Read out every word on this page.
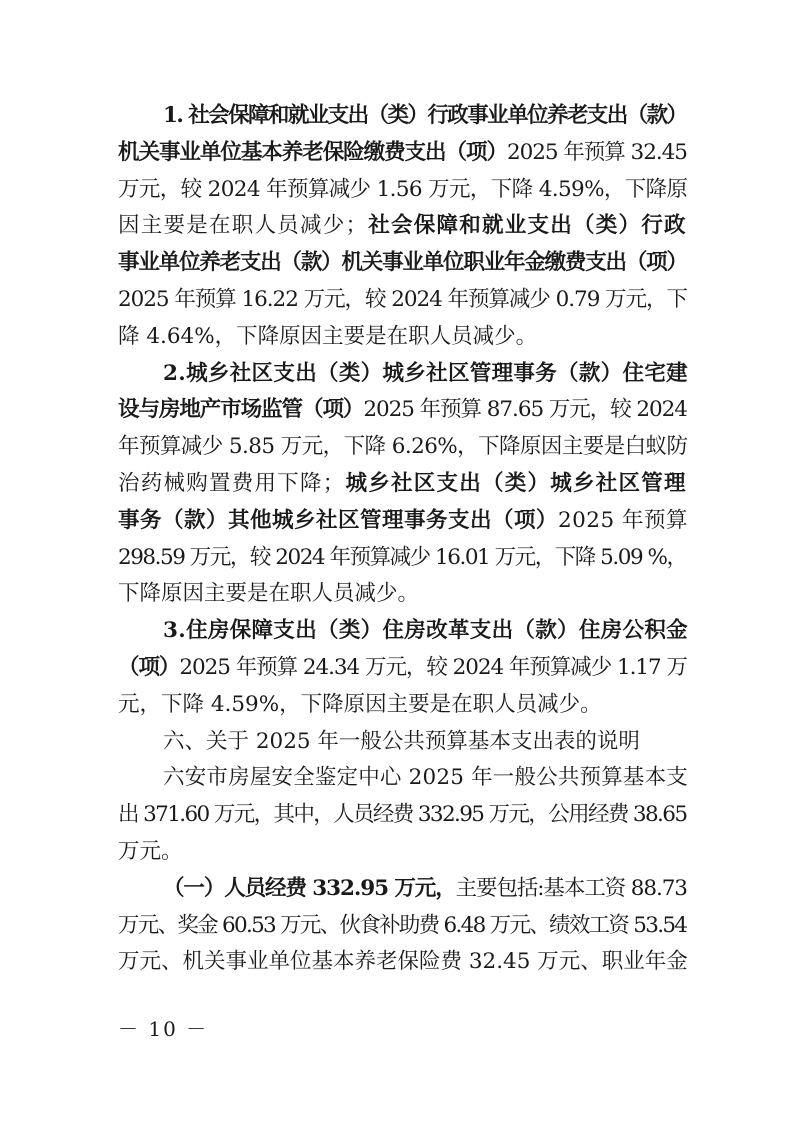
1. 社会保障和就业支出（类）行政事业单位养老支出（款）
机关事业单位基本养老保险缴费支出（项） 2025 年预算 32.45
万元，较 2024 年预算减少 1.56 万元，下降 4.59%，下降原
因主要是在职人员减少； 社会保障和就业支出（类）行政
事业单位养老支出（款）机关事业单位职业年金缴费支出（项）
2025 年预算 16.22 万元，较 2024 年预算减少 0.79 万元，下
降 4.64%，下降原因主要是在职人员减少。
2.城乡社区支出（类）城乡社区管理事务（款）住宅建
设与房地产市场监管（项） 2025 年预算 87.65 万元，较 2024
年预算减少 5.85 万元，下降 6.26%，下降原因主要是白蚁防
治药械购置费用下降； 城乡社区支出（类）城乡社区管理
事务（款）其他城乡社区管理事务支出（项） 2025 年预算
298.59 万元，较 2024 年预算减少 16.01 万元，下降 5.09 %，
下降原因主要是在职人员减少。
3.住房保障支出（类）住房改革支出（款）住房公积金
（项） 2025 年预算 24.34 万元，较 2024 年预算减少 1.17 万
元，下降 4.59%，下降原因主要是在职人员减少。
六、关于 2025 年一般公共预算基本支出表的说明
六安市房屋安全鉴定中心 2025 年一般公共预算基本支
出 371.60 万元，其中，人员经费 332.95 万元，公用经费 38.65
万元。
（一）人员经费 332.95 万元， 主要包括:基本工资 88.73
万元、奖金 60.53 万元、伙食补助费 6.48 万元、绩效工资 53.54
万元、机关事业单位基本养老保险费 32.45 万元、职业年金
－ 10 －
